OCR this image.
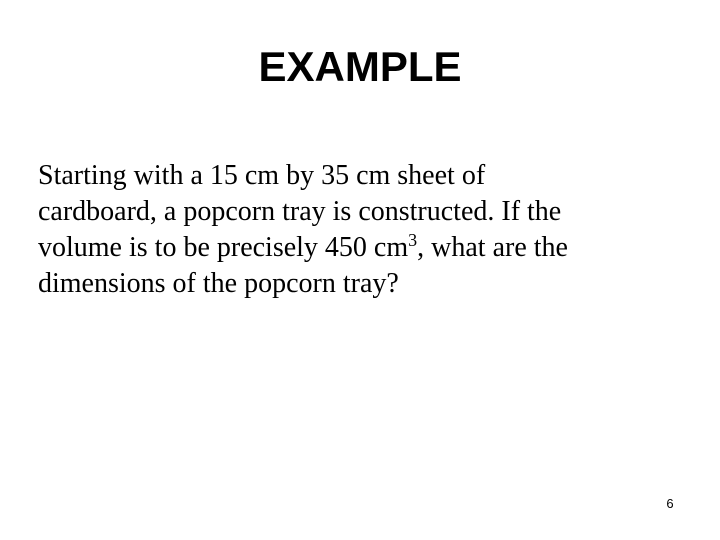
EXAMPLE
Starting with a 15 cm by 35 cm sheet of
cardboard, a popcorn tray is constructed. If the
volume is to be precisely 450 $cm^3$, what are the
dimensions of the popcorn tray?
6
